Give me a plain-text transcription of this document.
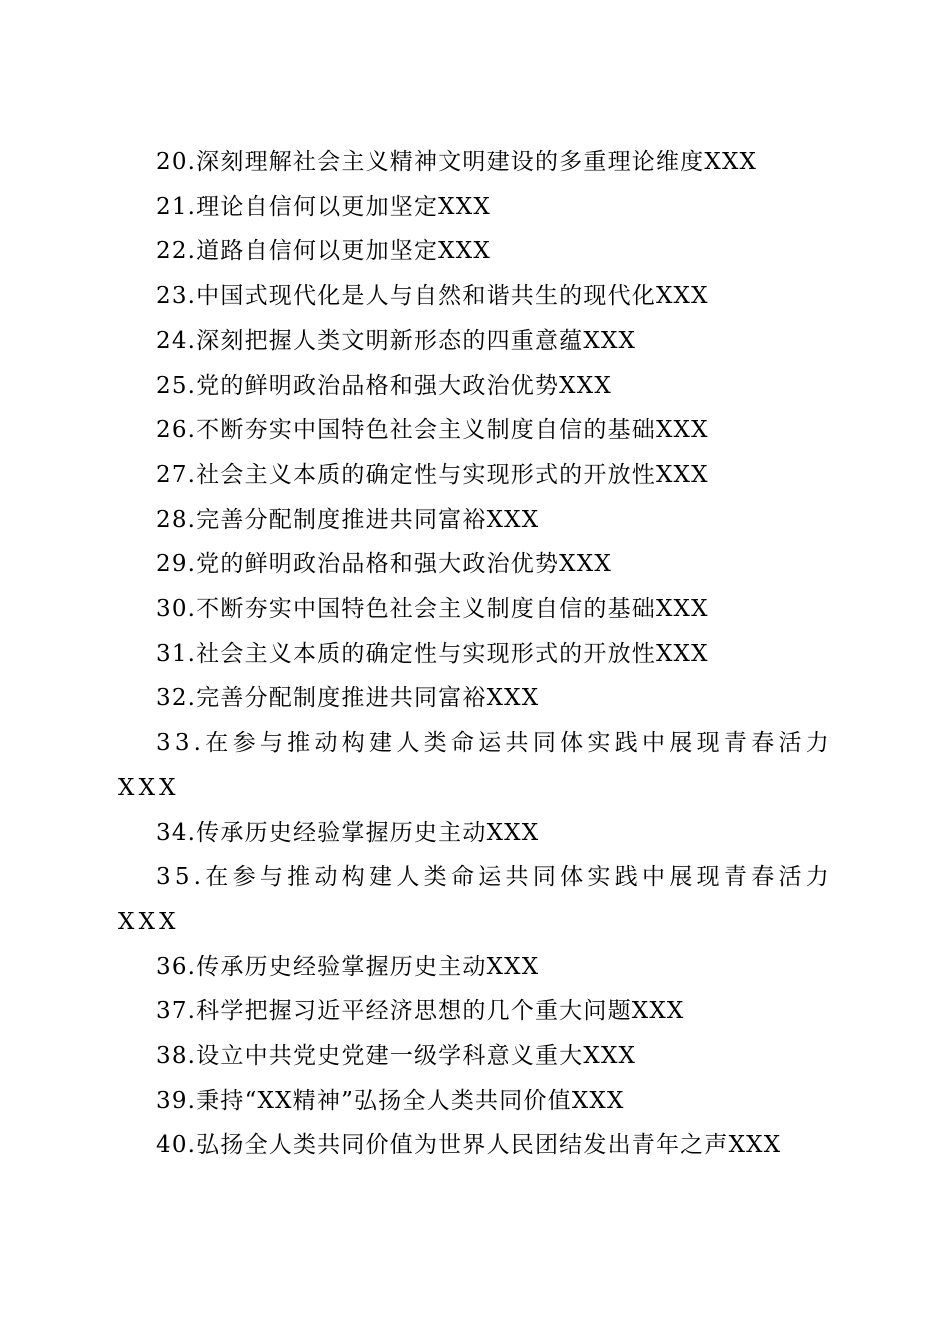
20.深刻理解社会主义精神文明建设的多重理论维度XXX

21.理论自信何以更加坚定XXX

22.道路自信何以更加坚定XXX

23.中国式现代化是人与自然和谐共生的现代化XXX

24.深刻把握人类文明新形态的四重意蕴XXX

25.党的鲜明政治品格和强大政治优势XXX

26.不断夯实中国特色社会主义制度自信的基础XXX

27.社会主义本质的确定性与实现形式的开放性XXX

28.完善分配制度推进共同富裕XXX

29.党的鲜明政治品格和强大政治优势XXX

30.不断夯实中国特色社会主义制度自信的基础XXX

31.社会主义本质的确定性与实现形式的开放性XXX

32.完善分配制度推进共同富裕XXX

33.在参与推动构建人类命运共同体实践中展现青春活力XXX

34.传承历史经验掌握历史主动XXX

35.在参与推动构建人类命运共同体实践中展现青春活力XXX

36.传承历史经验掌握历史主动XXX

37.科学把握习近平经济思想的几个重大问题XXX

38.设立中共党史党建一级学科意义重大XXX

39.秉持“XX精神”弘扬全人类共同价值XXX

40.弘扬全人类共同价值为世界人民团结发出青年之声XXX
